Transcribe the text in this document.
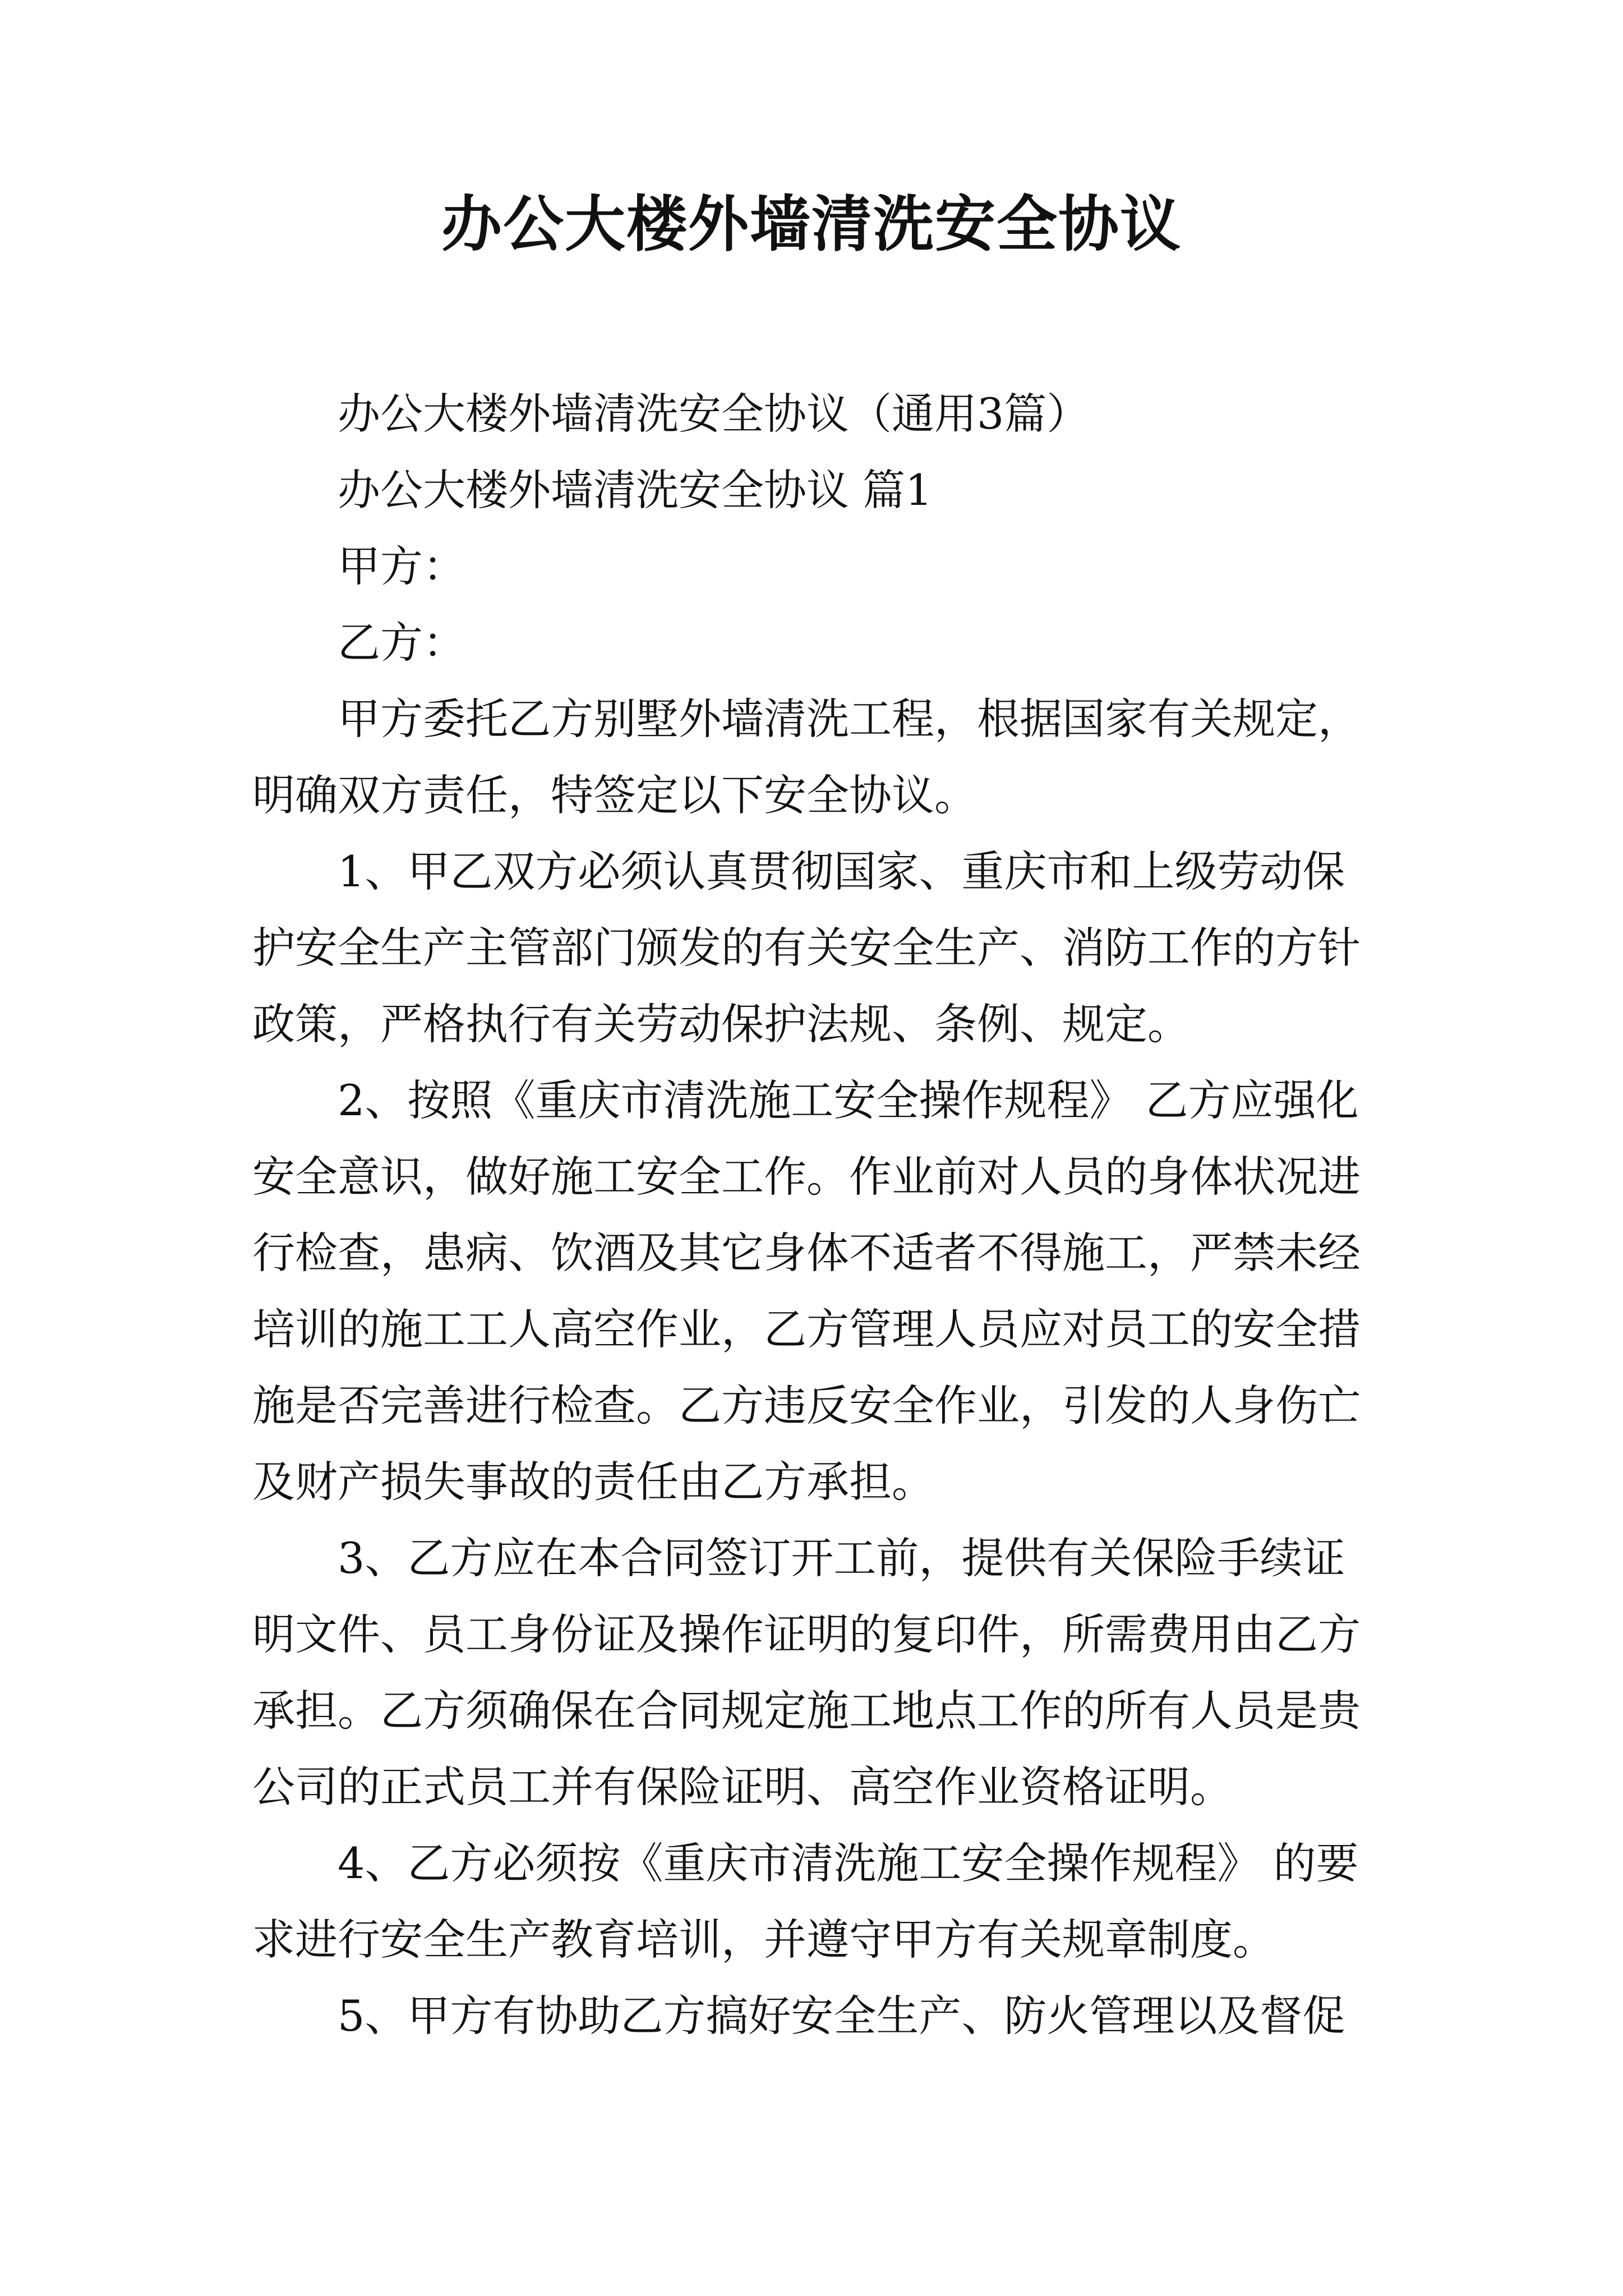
办公大楼外墙清洗安全协议

办公大楼外墙清洗安全协议（通用3篇）

办公大楼外墙清洗安全协议 篇1

甲方：

乙方：

甲方委托乙方别墅外墙清洗工程，根据国家有关规定，

明确双方责任，特签定以下安全协议。

1、甲乙双方必须认真贯彻国家、重庆市和上级劳动保

护安全生产主管部门颁发的有关安全生产、消防工作的方针

政策，严格执行有关劳动保护法规、条例、规定。

2、按照《重庆市清洗施工安全操作规程》 乙方应强化

安全意识，做好施工安全工作。作业前对人员的身体状况进

行检查，患病、饮酒及其它身体不适者不得施工，严禁未经

培训的施工工人高空作业，乙方管理人员应对员工的安全措

施是否完善进行检查。乙方违反安全作业，引发的人身伤亡

及财产损失事故的责任由乙方承担。

3、乙方应在本合同签订开工前，提供有关保险手续证

明文件、员工身份证及操作证明的复印件，所需费用由乙方

承担。乙方须确保在合同规定施工地点工作的所有人员是贵

公司的正式员工并有保险证明、高空作业资格证明。

4、乙方必须按《重庆市清洗施工安全操作规程》 的要

求进行安全生产教育培训，并遵守甲方有关规章制度。

5、甲方有协助乙方搞好安全生产、防火管理以及督促
